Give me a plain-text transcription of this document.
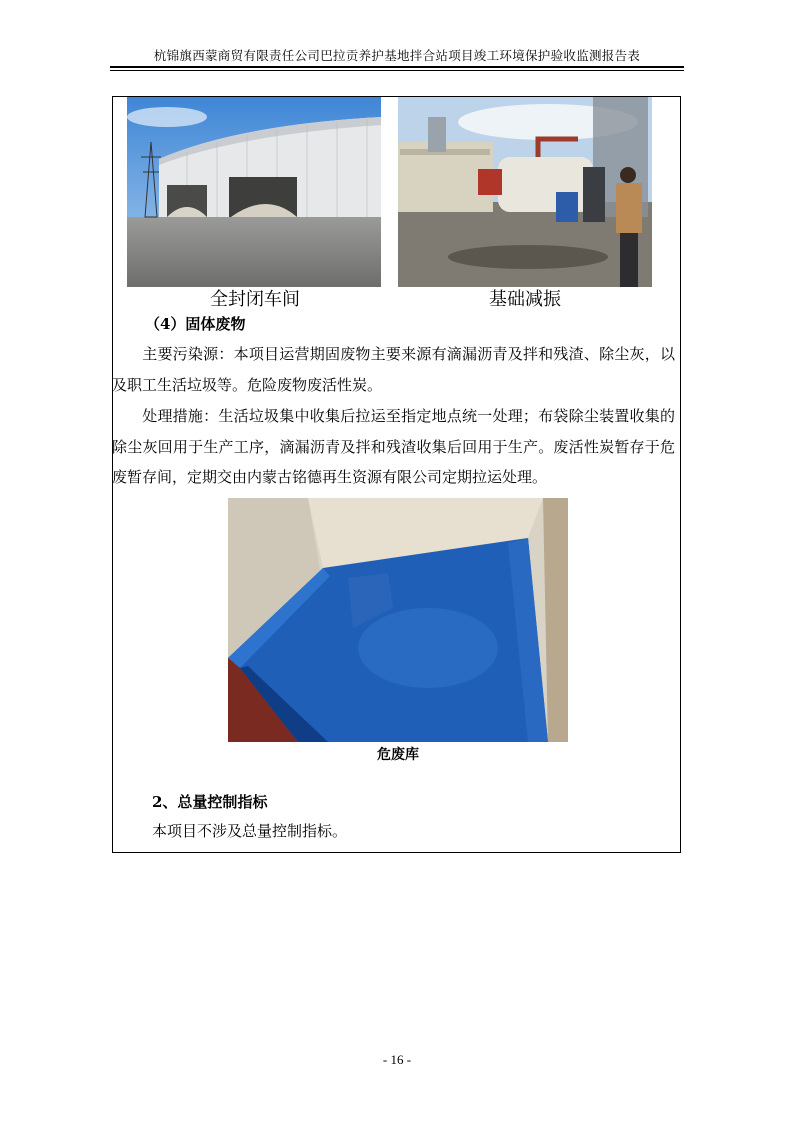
杭锦旗西蒙商贸有限责任公司巴拉贡养护基地拌合站项目竣工环境保护验收监测报告表
全封闭车间	基础减振
（4）固体废物
主要污染源：本项目运营期固废物主要来源有滴漏沥青及拌和残渣、除尘灰，以及职工生活垃圾等。危险废物废活性炭。
处理措施：生活垃圾集中收集后拉运至指定地点统一处理；布袋除尘装置收集的除尘灰回用于生产工序，滴漏沥青及拌和残渣收集后回用于生产。废活性炭暂存于危废暂存间，定期交由内蒙古铭德再生资源有限公司定期拉运处理。
危废库
2、总量控制指标
本项目不涉及总量控制指标。
- 16 -
